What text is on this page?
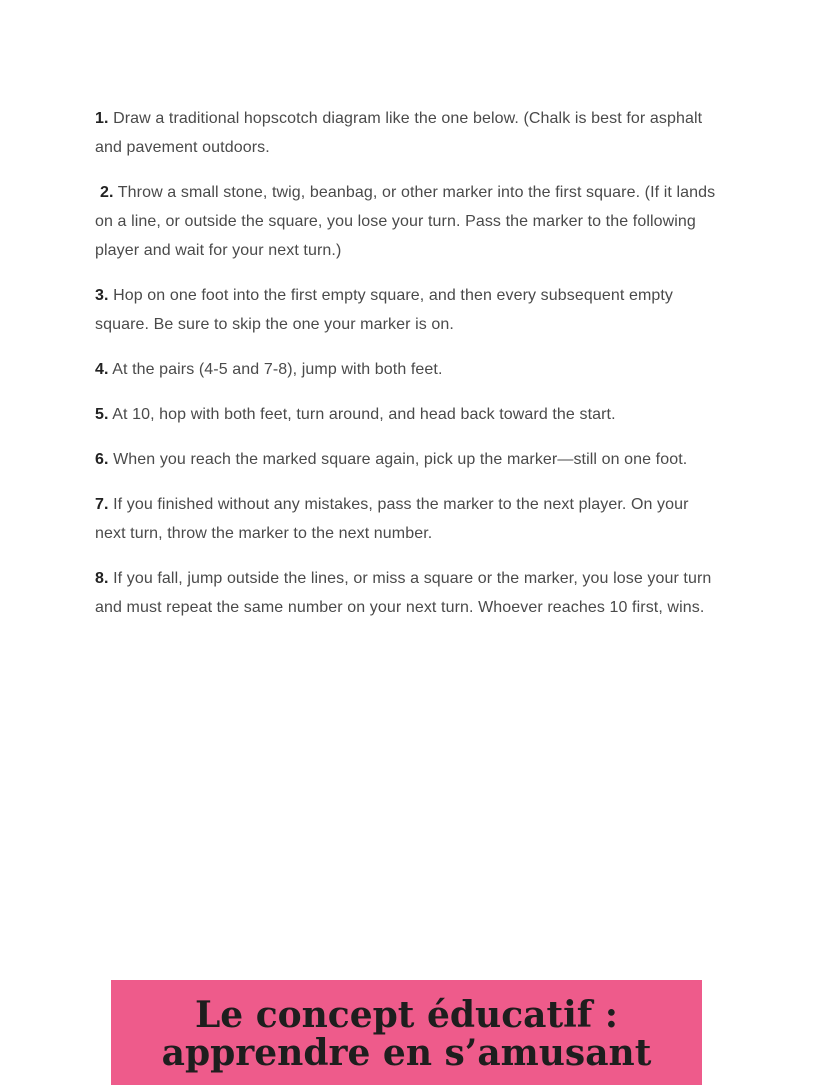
1. Draw a traditional hopscotch diagram like the one below. (Chalk is best for asphalt and pavement outdoors.

2. Throw a small stone, twig, beanbag, or other marker into the first square. (If it lands on a line, or outside the square, you lose your turn. Pass the marker to the following player and wait for your next turn.)

3. Hop on one foot into the first empty square, and then every subsequent empty square. Be sure to skip the one your marker is on.

4. At the pairs (4-5 and 7-8), jump with both feet.

5. At 10, hop with both feet, turn around, and head back toward the start.

6. When you reach the marked square again, pick up the marker—still on one foot.

7. If you finished without any mistakes, pass the marker to the next player. On your next turn, throw the marker to the next number.

8. If you fall, jump outside the lines, or miss a square or the marker, you lose your turn and must repeat the same number on your next turn. Whoever reaches 10 first, wins.

Le concept éducatif :
apprendre en s’amusant
